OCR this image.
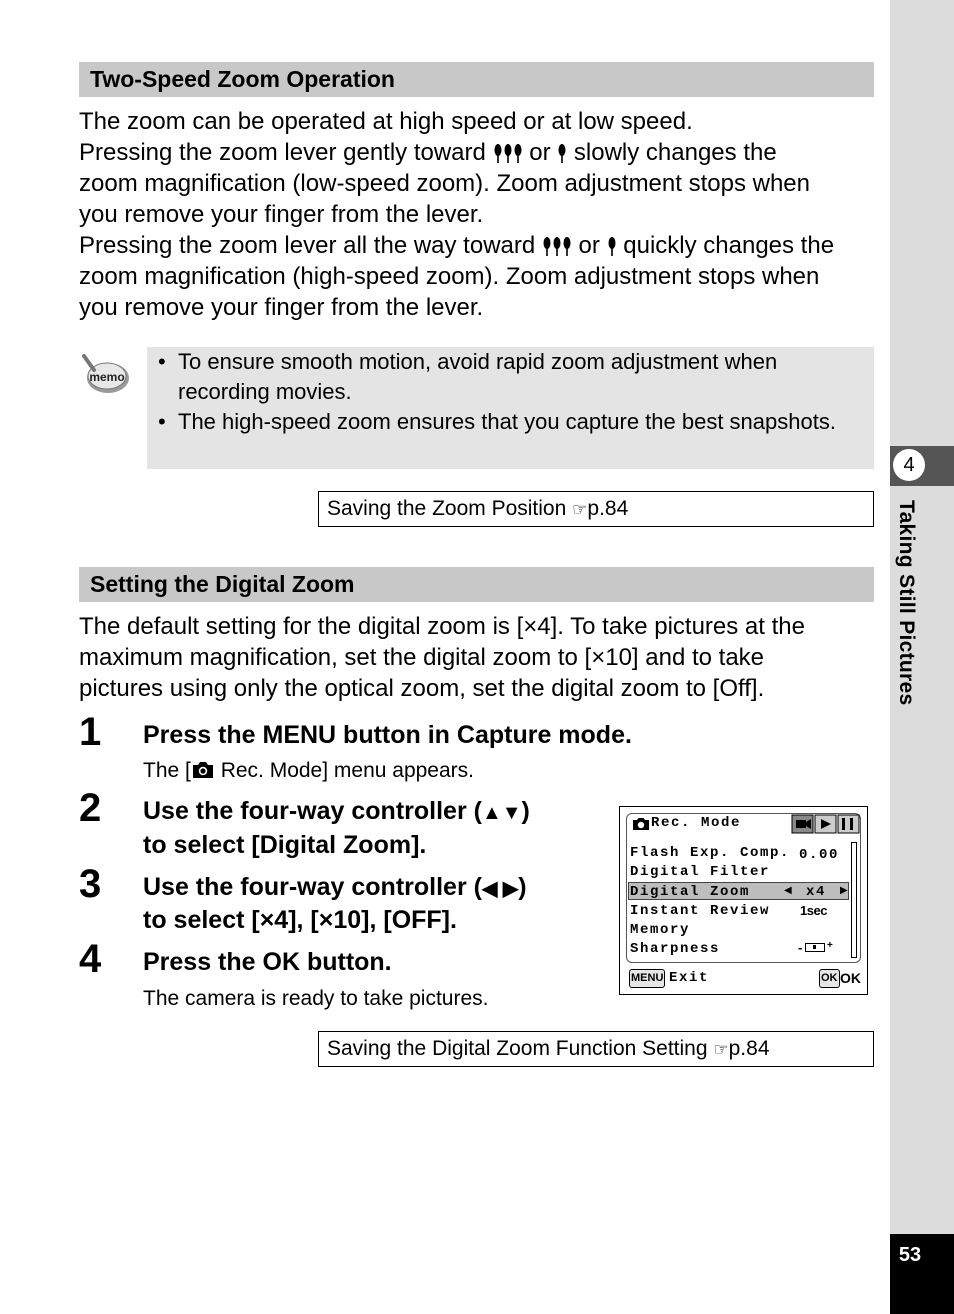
4
Taking Still Pictures
53
Two-Speed Zoom Operation

The zoom can be operated at high speed or at low speed.

Pressing the zoom lever gently toward  or  slowly changes the

zoom magnification (low-speed zoom). Zoom adjustment stops when

you remove your finger from the lever.

Pressing the zoom lever all the way toward  or  quickly changes the

zoom magnification (high-speed zoom). Zoom adjustment stops when

you remove your finger from the lever.

memo
• To ensure smooth motion, avoid rapid zoom adjustment when recording movies.
• The high-speed zoom ensures that you capture the best snapshots.
Saving the Zoom Position ☞p.84
Setting the Digital Zoom

The default setting for the digital zoom is [×4]. To take pictures at the

maximum magnification, set the digital zoom to [×10] and to take

pictures using only the optical zoom, set the digital zoom to [Off].

1 Press the MENU button in Capture mode.
The [ Rec. Mode] menu appears.
2 Use the four-way controller (▲▼)
to select [Digital Zoom].
3 Use the four-way controller (◀ ▶)
to select [×4], [×10], [OFF].
4 Press the OK button.
The camera is ready to take pictures.
Rec. Mode
Flash Exp. Comp. 0.00
Digital Filter
Digital Zoom	◀ x4 ▶
Instant Review 1sec
Memory
Sharpness	- +
MENU Exit	OK OK
Saving the Digital Zoom Function Setting ☞p.84
